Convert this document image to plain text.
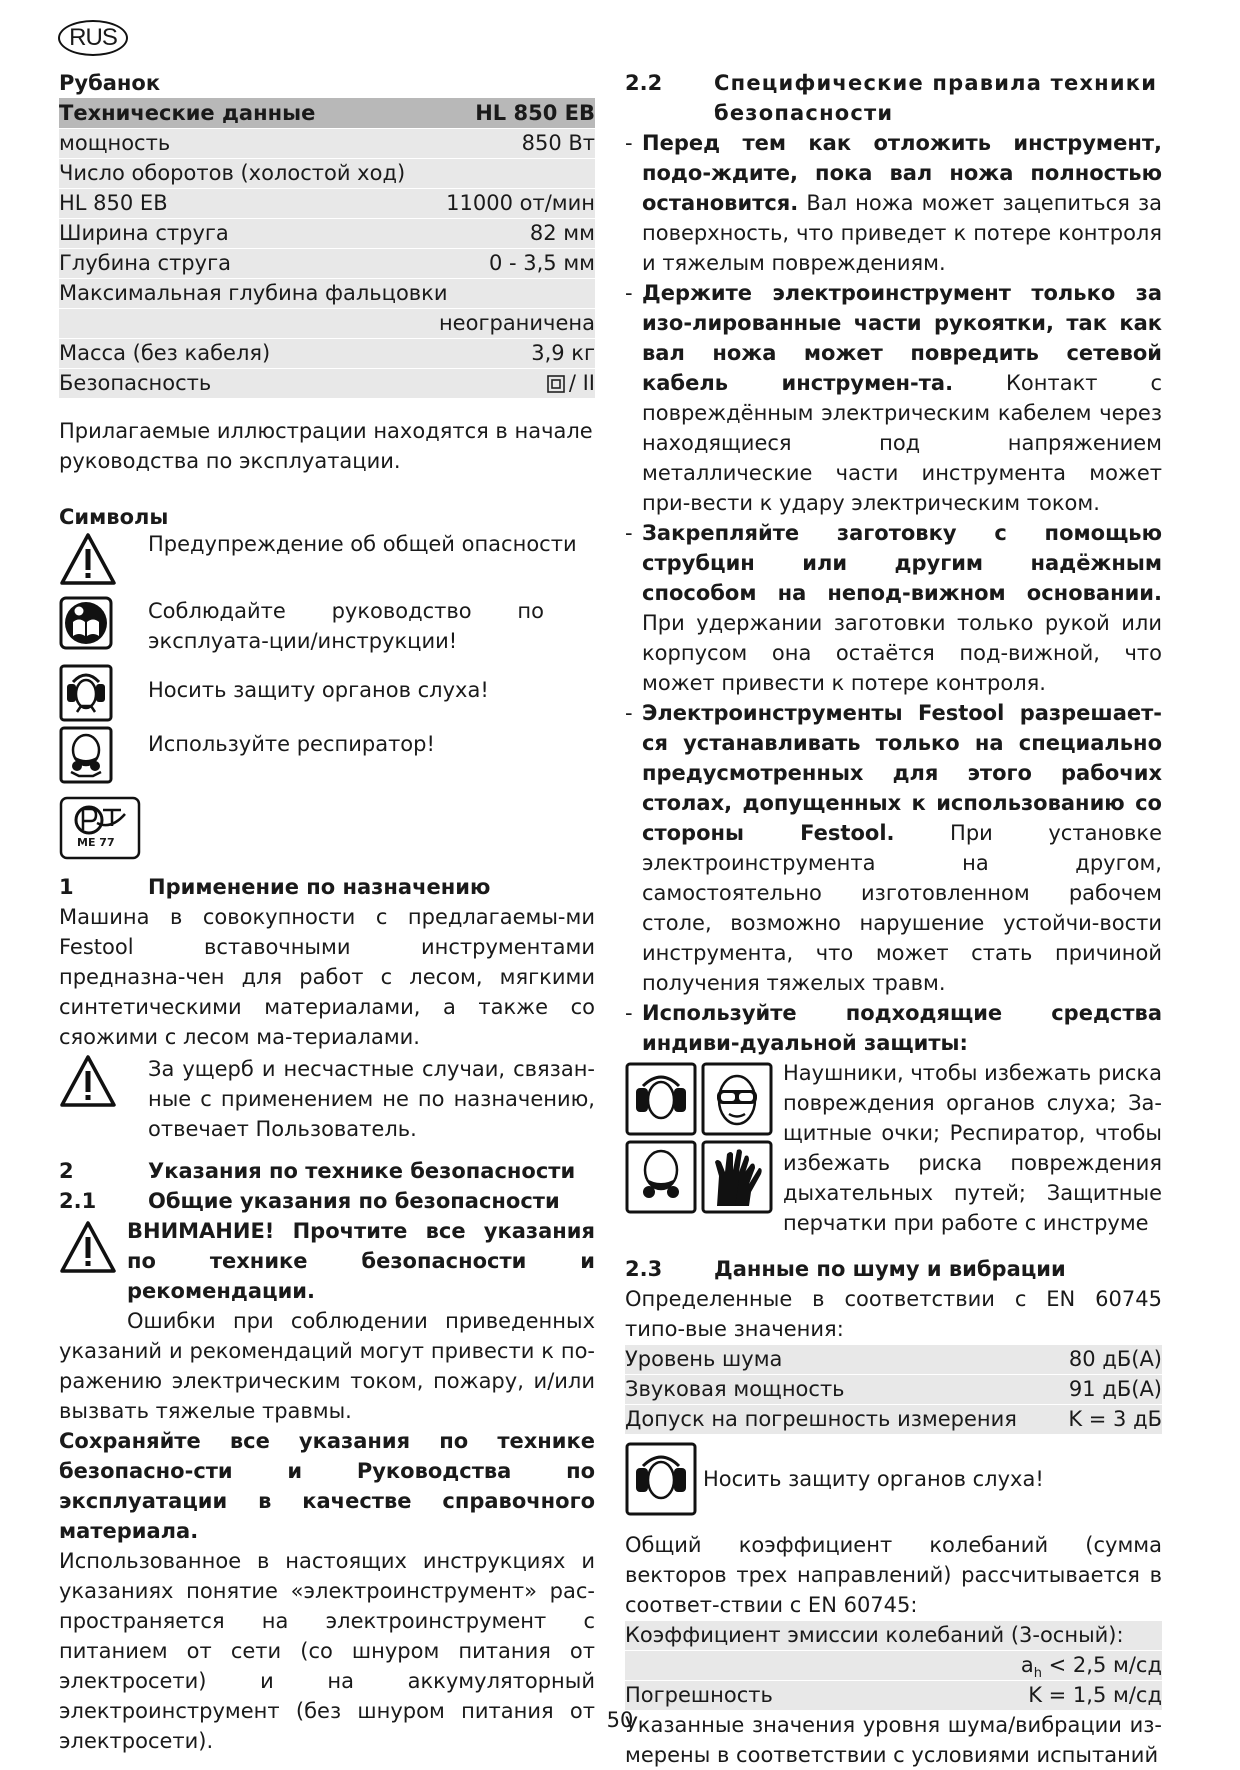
RUS
Рубанок
Технические данные	HL 850 EB
мощность	850 Вт
Число оборотов (холостой ход)
HL 850 EB	11000 от/мин
Ширина струга	82 мм
Глубина струга	0 - 3,5 мм
Максимальная глубина фальцовки
неограничена
Масса (без кабеля)	3,9 кг
Безопасность	/ II
Прилагаемые иллюстрации находятся в начале руководства по эксплуатации.
Символы
Предупреждение об общей опасности
Соблюдайте руководство по эксплуата-ции/инструкции!
Носить защиту органов слуха!
Используйте респиратор!
МЕ 77
1	Применение по назначению
Машина в совокупности с предлагаемы-ми Festool вставочными инструментами предназна-чен для работ с лесом, мягкими синтетическими материалами, а также со сяожими с лесом ма-териалами.
За ущерб и несчастные случаи, связан-ные с применением не по назначению, отвечает Пользователь.
2	Указания по технике безопасности
2.1	Общие указания по безопасности
ВНИМАНИЕ! Прочтите все указания по технике безопасности и рекомендации.
Ошибки при соблюдении приведенных указаний и рекомендаций могут привести к по-ражению электрическим током, пожару, и/или вызвать тяжелые травмы.
Сохраняйте все указания по технике безопасно-сти и Руководства по эксплуатации в качестве справочного материала.
Использованное в настоящих инструкциях и указаниях понятие «электроинструмент» рас-пространяется на электроинструмент с питанием от сети (со шнуром питания от электросети) и на аккумуляторный электроинструмент (без шнуром питания от электросети).
2.2	Специфические правила техники безопасности
- Перед тем как отложить инструмент, подо-ждите, пока вал ножа полностью остановится. Вал ножа может зацепиться за поверхность, что приведет к потере контроля и тяжелым повреждениям.
- Держите электроинструмент только за изо-лированные части рукоятки, так как вал ножа может повредить сетевой кабель инструмен-та. Контакт с повреждённым электрическим кабелем через находящиеся под напряжением металлические части инструмента может при-вести к удару электрическим током.
- Закрепляйте заготовку с помощью струбцин или другим надёжным способом на непод-вижном основании. При удержании заготовки только рукой или корпусом она остаётся под-вижной, что может привести к потере контроля.
- Электроинструменты Festool разрешает-ся устанавливать только на специально предусмотренных для этого рабочих столах, допущенных к использованию со стороны Festool. При установке электроинструмента на другом, самостоятельно изготовленном рабочем столе, возможно нарушение устойчи-вости инструмента, что может стать причиной получения тяжелых травм.
- Используйте подходящие средства индиви-дуальной защиты:
Наушники, чтобы избежать риска повреждения органов слуха; За-щитные очки; Респиратор, чтобы избежать риска повреждения дыхательных путей; Защитные перчатки при работе с инструме
2.3	Данные по шуму и вибрации
Определенные в соответствии с EN 60745 типо-вые значения:
Уровень шума	80 дБ(A)
Звуковая мощность	91 дБ(A)
Допуск на погрешность измерения K = 3 дБ
Носить защиту органов слуха!
Общий коэффициент колебаний (сумма векторов трех направлений) рассчитывается в соответ-ствии с EN 60745:
Коэффициент эмиссии колебаний (3-осный):
$a_h < 2,5$ м/сд
Погрешность	K = 1,5 м/сд
Указанные значения уровня шума/вибрации из-мерены в соответствии с условиями испытаний
50
